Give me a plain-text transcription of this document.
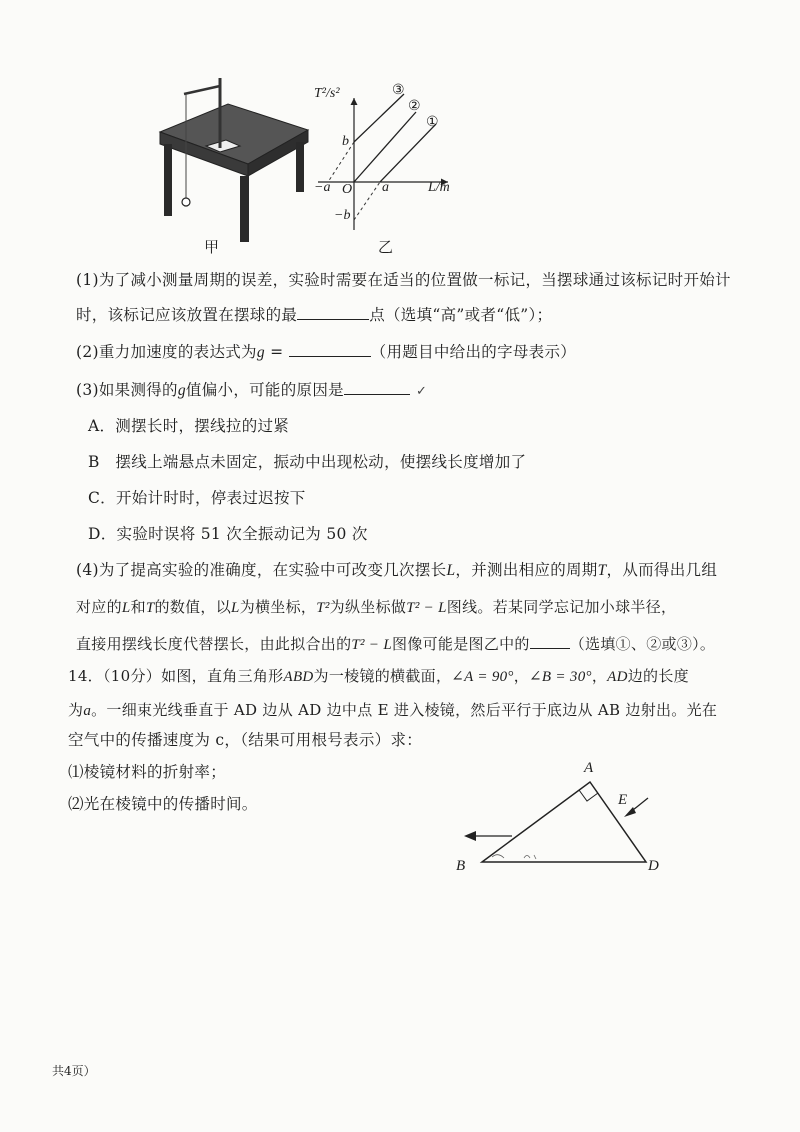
甲
T²/s²
L/m
O
b
−b
a
−a
③
②
①
乙
(1)为了减小测量周期的误差，实验时需要在适当的位置做一标记，当摆球通过该标记时开始计
时，该标记应该放置在摆球的最	点（选填“高”或者“低”）；
(2)重力加速度的表达式为g =	（用题目中给出的字母表示）
(3)如果测得的g值偏小，可能的原因是	✓
A．测摆长时，摆线拉的过紧
B　摆线上端悬点未固定，振动中出现松动，使摆线长度增加了
C．开始计时时，停表过迟按下
D．实验时误将 51 次全振动记为 50 次
(4)为了提高实验的准确度，在实验中可改变几次摆长L，并测出相应的周期T，从而得出几组
对应的L和T的数值，以L为横坐标，T²为纵坐标做T² − L图线。若某同学忘记加小球半径，
直接用摆线长度代替摆长，由此拟合出的T² − L图像可能是图乙中的	（选填①、②或③）。
14．（10分）如图，直角三角形ABD为一棱镜的横截面，∠A = 90°，∠B = 30°，AD边的长度
为a。一细束光线垂直于 AD 边从 AD 边中点 E 进入棱镜，然后平行于底边从 AB 边射出。光在
空气中的传播速度为 c，（结果可用根号表示）求：
⑴棱镜材料的折射率；
⑵光在棱镜中的传播时间。
A
B	D
E
共4页）
